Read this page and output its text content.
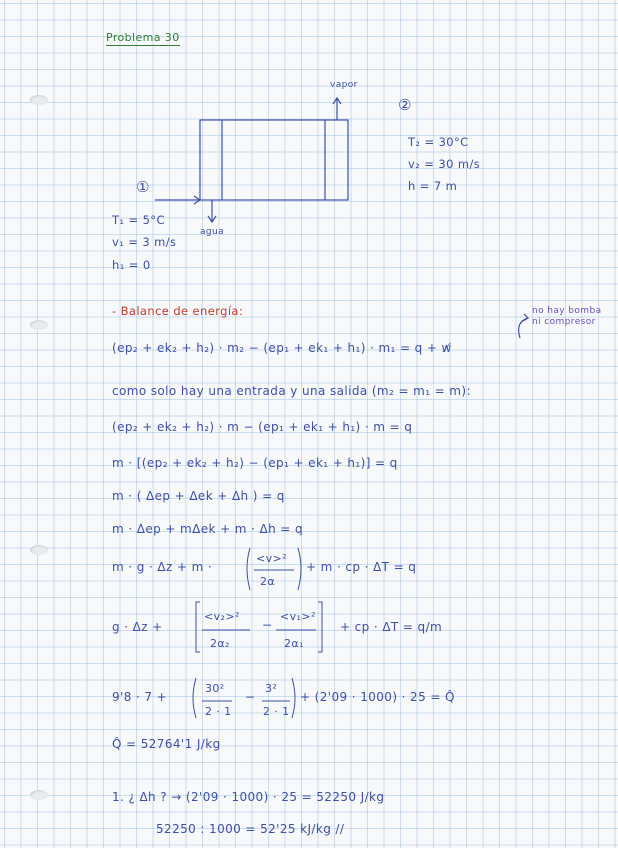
Problema 30
vapor
②
①
agua
T₂ = 30°C
v₂ = 30 m/s
h = 7 m
T₁ = 5°C
v₁ = 3 m/s
h₁ = 0
- Balance de energía:	no hay bomba
ni compresor
(ep₂ + ek₂ + h₂) · m₂ − (ep₁ + ek₁ + h₁) · m₁ = q + w̸
como solo hay una entrada y una salida (m₂ = m₁ = m):
(ep₂ + ek₂ + h₂) · m − (ep₁ + ek₁ + h₁) · m = q
m · [(ep₂ + ek₂ + h₂) − (ep₁ + ek₁ + h₁)] = q
m · ( Δep + Δek + Δh ) = q
m · Δep + mΔek + m · Δh = q
m · g · Δz + m ·
<v>²
2α
+ m · cp · ΔT = q
g · Δz +
<v₂>²
2α₂
−
<v₁>²
2α₁
+ cp · ΔT = q/m
9'8 · 7 +
30²
2 · 1
−
3²
2 · 1
+ (2'09 · 1000) · 25 = Q̂
Q̂ = 52764'1 J/kg
1. ¿ Δh ? → (2'09 · 1000) · 25 = 52250 J/kg
52250 : 1000 = 52'25 kJ/kg //
